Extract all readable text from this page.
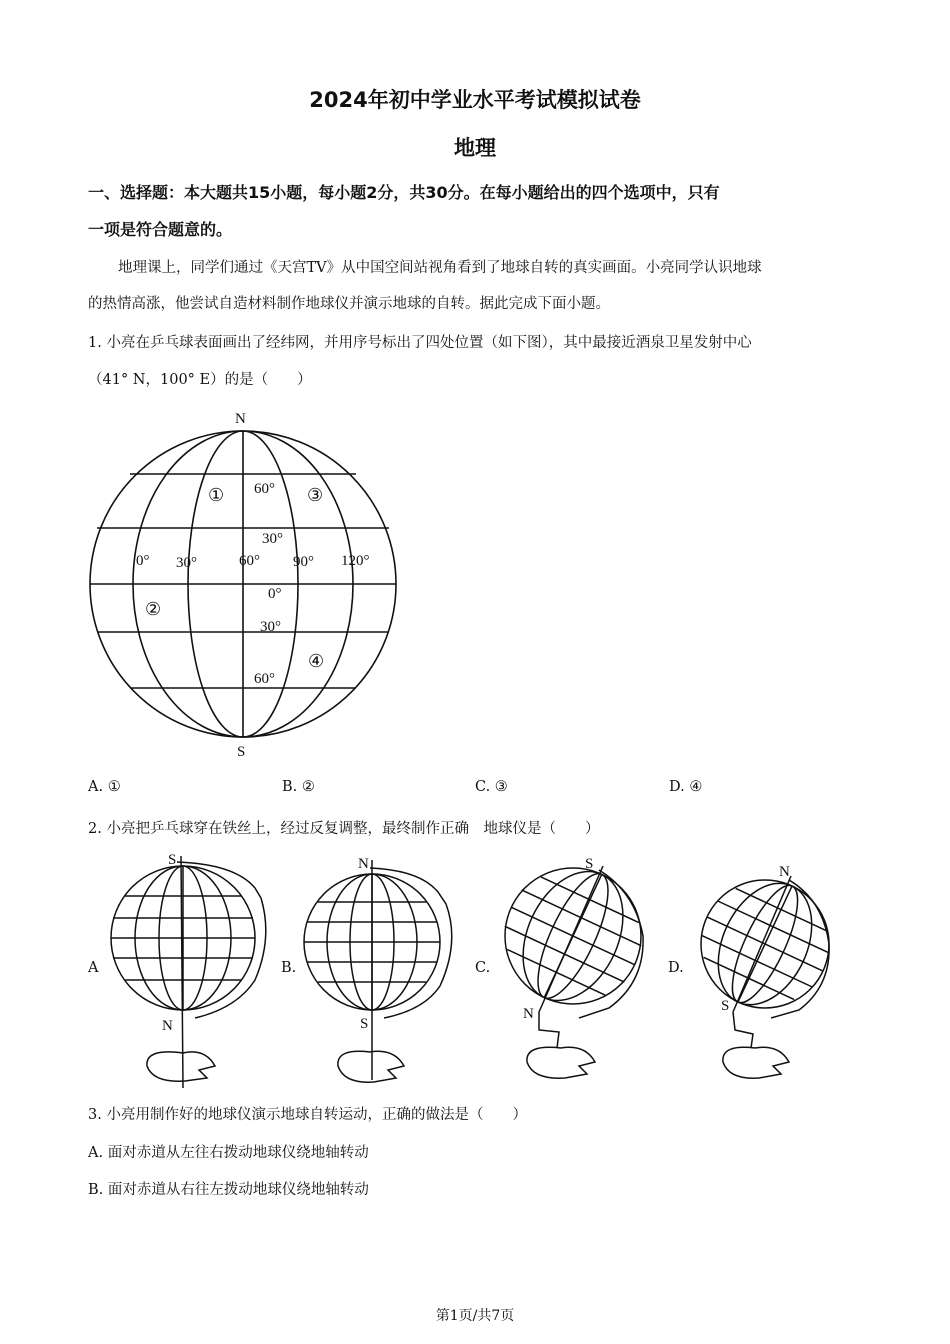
2024年初中学业水平考试模拟试卷
地理
一、选择题：本大题共15小题，每小题2分，共30分。在每小题给出的四个选项中，只有
一项是符合题意的。
地理课上，同学们通过《天宫TV》从中国空间站视角看到了地球自转的真实画面。小亮同学认识地球
的热情高涨，他尝试自造材料制作地球仪并演示地球的自转。据此完成下面小题。
1. 小亮在乒乓球表面画出了经纬网，并用序号标出了四处位置（如下图），其中最接近酒泉卫星发射中心
（41° N，100° E）的是（　　）
N
S
60°
30°
0°
30°
60°
0° 30°	60° 90° 120°
①
②
③
④
A. ①	B. ②	C. ③	D. ④
2. 小亮把乒乓球穿在铁丝上，经过反复调整，最终制作正确　地球仪是（　　）
A	B.	C.	D.
S
N
N
S
S
N
N
S
3. 小亮用制作好的地球仪演示地球自转运动，正确的做法是（　　）
A. 面对赤道从左往右拨动地球仪绕地轴转动
B. 面对赤道从右往左拨动地球仪绕地轴转动
第1页/共7页
